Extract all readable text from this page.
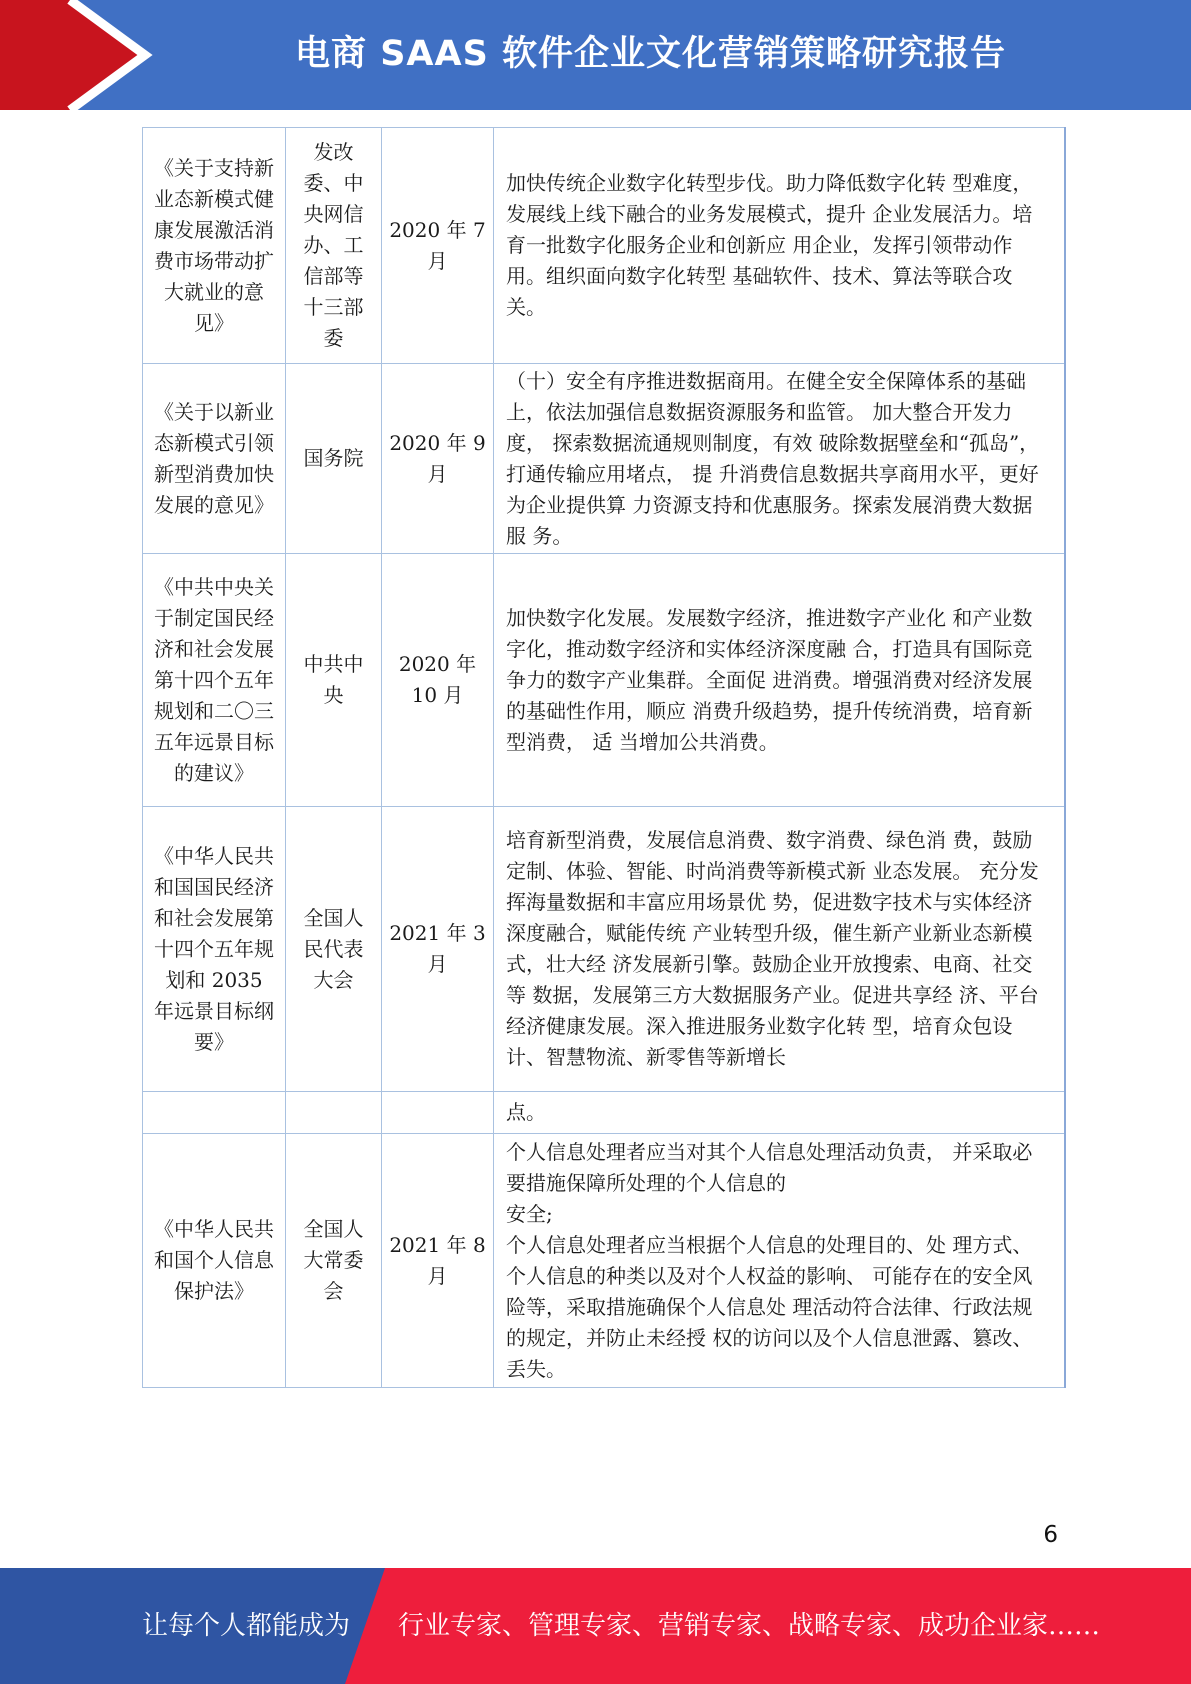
电商 SAAS 软件企业文化营销策略研究报告
《关于支持新业态新模式健康发展激活消费市场带动扩大就业的意见》	发改委、中央网信办、工信部等十三部委	2020 年 7 月	加快传统企业数字化转型步伐。助力降低数字化转 型难度，发展线上线下融合的业务发展模式，提升 企业发展活力。培育一批数字化服务企业和创新应 用企业，发挥引领带动作用。组织面向数字化转型 基础软件、技术、算法等联合攻关。

《关于以新业态新模式引领新型消费加快发展的意见》	国务院	2020 年 9 月	（十）安全有序推进数据商用。在健全安全保障体系的基础上，依法加强信息数据资源服务和监管。 加大整合开发力度， 探索数据流通规则制度，有效 破除数据壁垒和“孤岛”，打通传输应用堵点， 提 升消费信息数据共享商用水平，更好为企业提供算 力资源支持和优惠服务。探索发展消费大数据服 务。

《中共中央关于制定国民经济和社会发展第十四个五年规划和二〇三五年远景目标的建议》	中共中央	2020 年 10 月	加快数字化发展。发展数字经济，推进数字产业化 和产业数字化，推动数字经济和实体经济深度融 合，打造具有国际竞争力的数字产业集群。全面促 进消费。增强消费对经济发展的基础性作用，顺应 消费升级趋势，提升传统消费，培育新型消费， 适 当增加公共消费。

《中华人民共和国国民经济和社会发展第十四个五年规划和 2035 年远景目标纲要》	全国人民代表大会	2021 年 3 月	培育新型消费，发展信息消费、数字消费、绿色消 费，鼓励定制、体验、智能、时尚消费等新模式新 业态发展。 充分发挥海量数据和丰富应用场景优 势，促进数字技术与实体经济深度融合，赋能传统 产业转型升级，催生新产业新业态新模式，壮大经 济发展新引擎。鼓励企业开放搜索、电商、社交等 数据，发展第三方大数据服务产业。促进共享经 济、平台经济健康发展。深入推进服务业数字化转 型，培育众包设计、智慧物流、新零售等新增长

			点。

《中华人民共和国个人信息保护法》	全国人大常委会	2021 年 8 月	个人信息处理者应当对其个人信息处理活动负责， 并采取必要措施保障所处理的个人信息的
安全;
个人信息处理者应当根据个人信息的处理目的、处 理方式、个人信息的种类以及对个人权益的影响、 可能存在的安全风险等，采取措施确保个人信息处 理活动符合法律、行政法规的规定，并防止未经授 权的访问以及个人信息泄露、篡改、丢失。
6
让每个人都能成为 行业专家、管理专家、营销专家、战略专家、成功企业家……
